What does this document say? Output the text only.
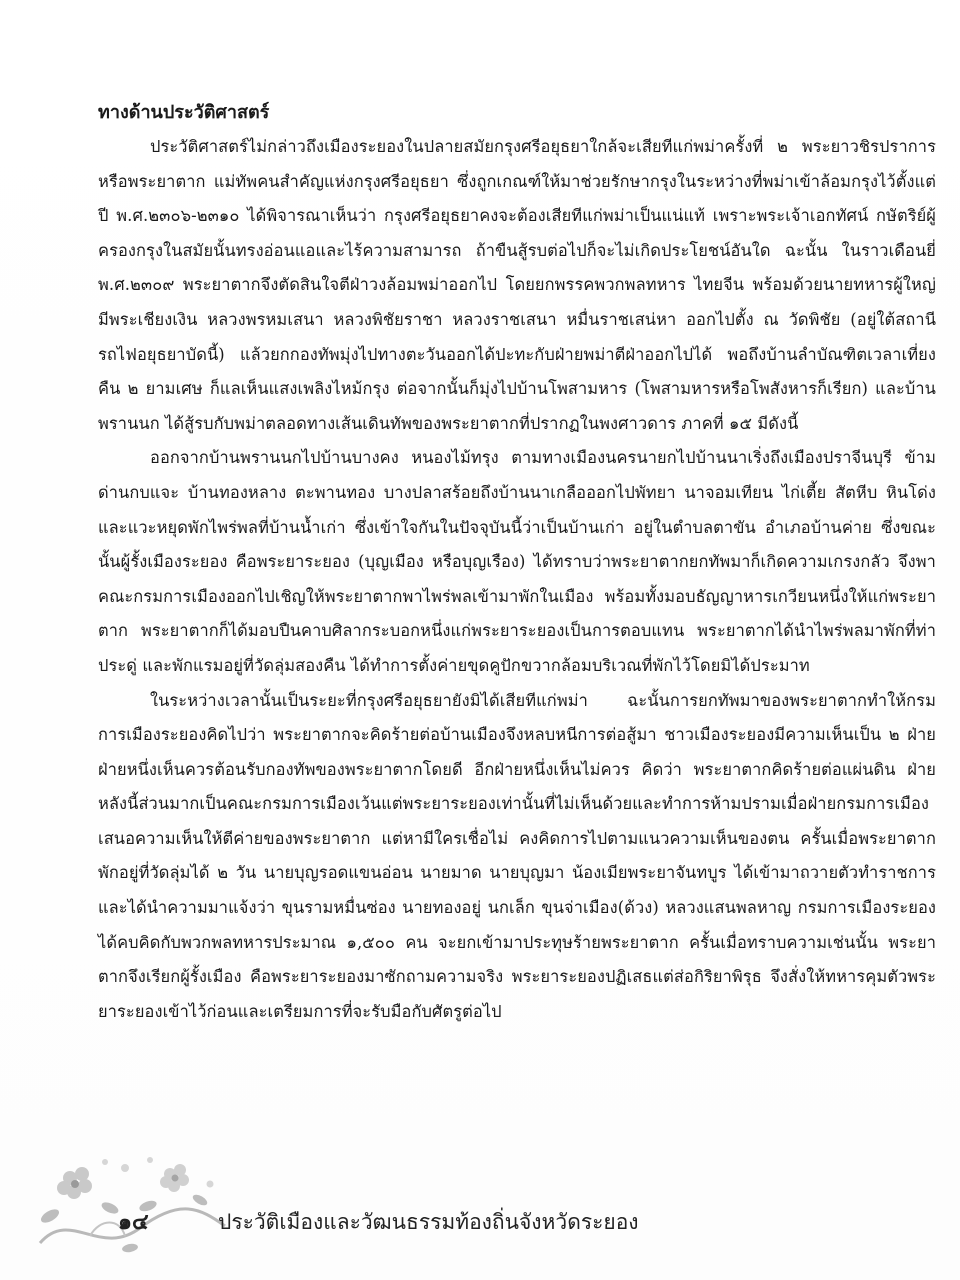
ทางด้านประวัติศาสตร์

ประวัติศาสตร์ไม่กล่าวถึงเมืองระยองในปลายสมัยกรุงศรีอยุธยาใกล้จะเสียทีแก่พม่าครั้งที่ ๒ พระยาวชิรปราการหรือพระยาตาก แม่ทัพคนสำคัญแห่งกรุงศรีอยุธยา ซึ่งถูกเกณฑ์ให้มาช่วยรักษากรุงในระหว่างที่พม่าเข้าล้อมกรุงไว้ตั้งแต่ปี พ.ศ.๒๓๐๖-๒๓๑๐ ได้พิจารณาเห็นว่า กรุงศรีอยุธยาคงจะต้องเสียทีแก่พม่าเป็นแน่แท้ เพราะพระเจ้าเอกทัศน์ กษัตริย์ผู้ครองกรุงในสมัยนั้นทรงอ่อนแอและไร้ความสามารถ ถ้าขืนสู้รบต่อไปก็จะไม่เกิดประโยชน์อันใด ฉะนั้น ในราวเดือนยี่ พ.ศ.๒๓๐๙ พระยาตากจึงตัดสินใจตีฝ่าวงล้อมพม่าออกไป โดยยกพรรคพวกพลทหาร ไทยจีน พร้อมด้วยนายทหารผู้ใหญ่ มีพระเชียงเงิน หลวงพรหมเสนา หลวงพิชัยราชา หลวงราชเสนา หมื่นราชเสน่หา ออกไปตั้ง ณ วัดพิชัย (อยู่ใต้สถานีรถไฟอยุธยาบัดนี้) แล้วยกกองทัพมุ่งไปทางตะวันออกได้ปะทะกับฝ่ายพม่าตีฝ่าออกไปได้ พอถึงบ้านลำบัณฑิตเวลาเที่ยงคืน ๒ ยามเศษ ก็แลเห็นแสงเพลิงไหม้กรุง ต่อจากนั้นก็มุ่งไปบ้านโพสามหาร (โพสามหารหรือโพสังหารก็เรียก) และบ้านพรานนก ได้สู้รบกับพม่าตลอดทางเส้นเดินทัพของพระยาตากที่ปรากฏในพงศาวดาร ภาคที่ ๑๕ มีดังนี้

ออกจากบ้านพรานนกไปบ้านบางคง หนองไม้ทรุง ตามทางเมืองนครนายกไปบ้านนาเริ่งถึงเมืองปราจีนบุรี ข้ามด่านกบแจะ บ้านทองหลาง ตะพานทอง บางปลาสร้อยถึงบ้านนาเกลือออกไปพัทยา นาจอมเทียน ไก่เตี้ย สัตหีบ หินโด่ง และแวะหยุดพักไพร่พลที่บ้านน้ำเก่า ซึ่งเข้าใจกันในปัจจุบันนี้ว่าเป็นบ้านเก่า อยู่ในตำบลตาขัน อำเภอบ้านค่าย ซึ่งขณะนั้นผู้รั้งเมืองระยอง คือพระยาระยอง (บุญเมือง หรือบุญเรือง) ได้ทราบว่าพระยาตากยกทัพมาก็เกิดความเกรงกลัว จึงพาคณะกรมการเมืองออกไปเชิญให้พระยาตากพาไพร่พลเข้ามาพักในเมือง พร้อมทั้งมอบธัญญาหารเกวียนหนึ่งให้แก่พระยาตาก พระยาตากก็ได้มอบปืนคาบศิลากระบอกหนึ่งแก่พระยาระยองเป็นการตอบแทน พระยาตากได้นำไพร่พลมาพักที่ท่าประดู่ และพักแรมอยู่ที่วัดลุ่มสองคืน ได้ทำการตั้งค่ายขุดคูปักขวากล้อมบริเวณที่พักไว้โดยมิได้ประมาท

ในระหว่างเวลานั้นเป็นระยะที่กรุงศรีอยุธยายังมิได้เสียทีแก่พม่า ฉะนั้นการยกทัพมาของพระยาตากทำให้กรมการเมืองระยองคิดไปว่า พระยาตากจะคิดร้ายต่อบ้านเมืองจึงหลบหนีการต่อสู้มา ชาวเมืองระยองมีความเห็นเป็น ๒ ฝ่าย ฝ่ายหนึ่งเห็นควรต้อนรับกองทัพของพระยาตากโดยดี อีกฝ่ายหนึ่งเห็นไม่ควร คิดว่า พระยาตากคิดร้ายต่อแผ่นดิน ฝ่ายหลังนี้ส่วนมากเป็นคณะกรมการเมืองเว้นแต่พระยาระยองเท่านั้นที่ไม่เห็นด้วยและทำการห้ามปรามเมื่อฝ่ายกรมการเมืองเสนอความเห็นให้ตีค่ายของพระยาตาก แต่หามีใครเชื่อไม่ คงคิดการไปตามแนวความเห็นของตน ครั้นเมื่อพระยาตากพักอยู่ที่วัดลุ่มได้ ๒ วัน นายบุญรอดแขนอ่อน นายมาด นายบุญมา น้องเมียพระยาจันทบูร ได้เข้ามาถวายตัวทำราชการและได้นำความมาแจ้งว่า ขุนรามหมื่นซ่อง นายทองอยู่ นกเล็ก ขุนจ่าเมือง(ด้วง) หลวงแสนพลหาญ กรมการเมืองระยอง ได้คบคิดกับพวกพลทหารประมาณ ๑,๕๐๐ คน จะยกเข้ามาประทุษร้ายพระยาตาก ครั้นเมื่อทราบความเช่นนั้น พระยาตากจึงเรียกผู้รั้งเมือง คือพระยาระยองมาซักถามความจริง พระยาระยองปฏิเสธแต่ส่อกิริยาพิรุธ จึงสั่งให้ทหารคุมตัวพระยาระยองเข้าไว้ก่อนและเตรียมการที่จะรับมือกับศัตรูต่อไป

๑๔	ประวัติเมืองและวัฒนธรรมท้องถิ่นจังหวัดระยอง
